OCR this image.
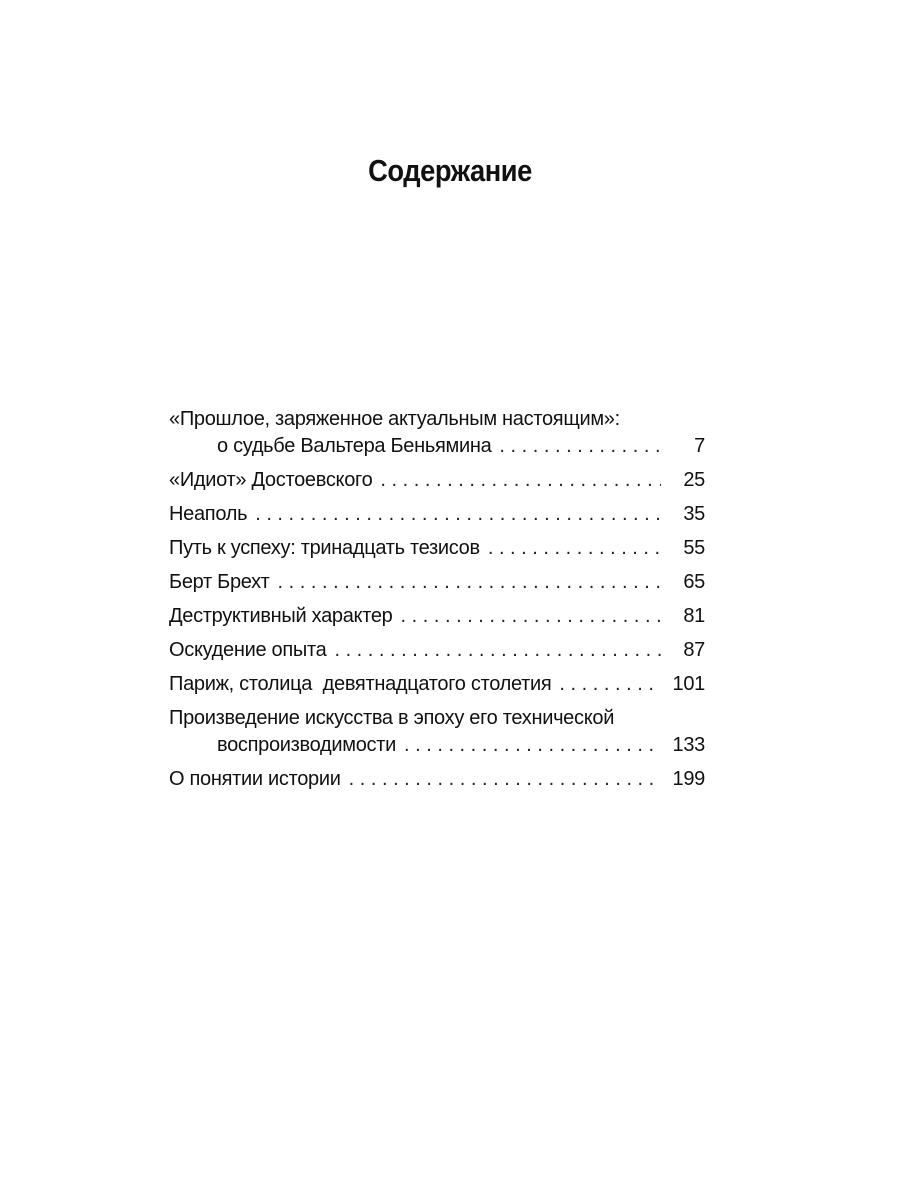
Содержание
«Прошлое, заряженное актуальным настоящим»:
о судьбе Вальтера Беньямина . . .	7
«Идиот» Достоевского . . .	25
Неаполь . . .	35
Путь к успеху: тринадцать тезисов . . .	55
Берт Брехт . . .	65
Деструктивный характер . . .	81
Оскудение опыта . . .	87
Париж, столица  девятнадцатого столетия . . .	101
Произведение искусства в эпоху его технической
воспроизводимости . . .	133
О понятии истории . . .	199
